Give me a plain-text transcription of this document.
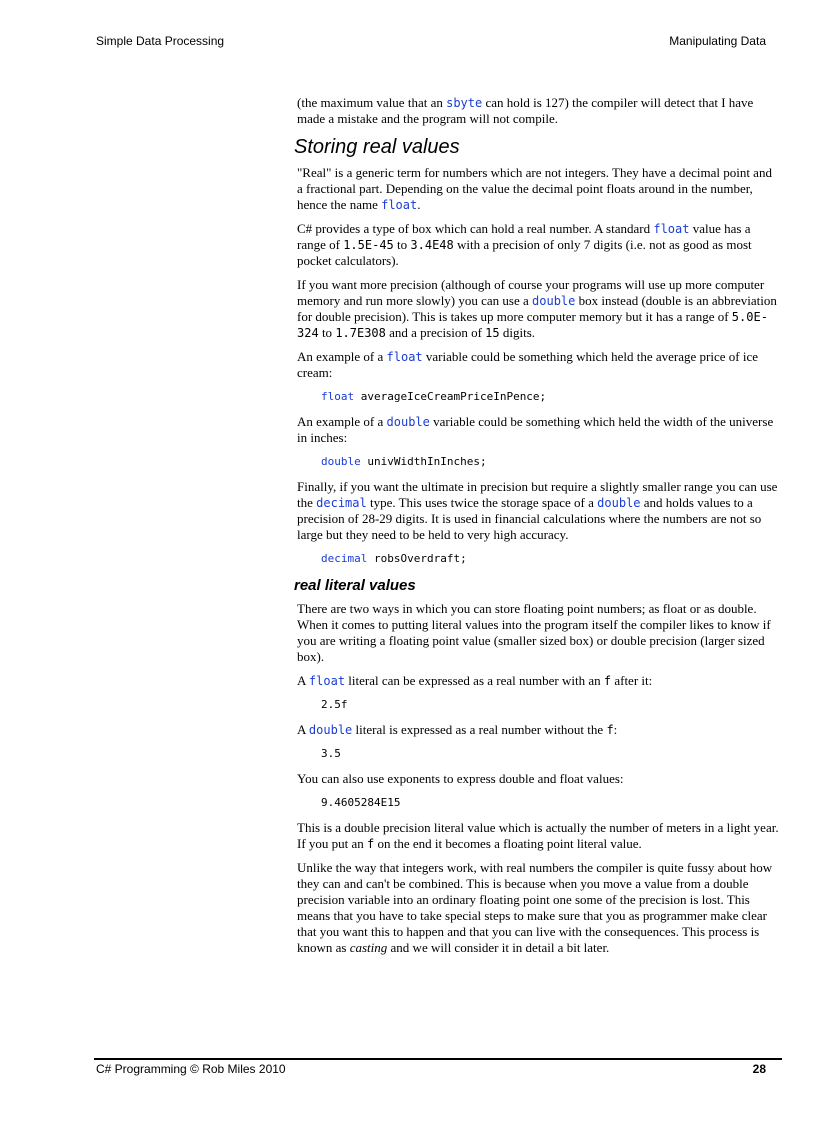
Simple Data Processing	Manipulating Data

(the maximum value that an sbyte can hold is 127) the compiler will detect that I have made a mistake and the program will not compile.

Storing real values

"Real" is a generic term for numbers which are not integers. They have a decimal point and a fractional part. Depending on the value the decimal point floats around in the number, hence the name float.

C# provides a type of box which can hold a real number. A standard float value has a range of 1.5E-45 to 3.4E48 with a precision of only 7 digits (i.e. not as good as most pocket calculators).

If you want more precision (although of course your programs will use up more computer memory and run more slowly) you can use a double box instead (double is an abbreviation for double precision). This is takes up more computer memory but it has a range of 5.0E-324 to 1.7E308 and a precision of 15 digits.

An example of a float variable could be something which held the average price of ice cream:

float averageIceCreamPriceInPence;

An example of a double variable could be something which held the width of the universe in inches:

double univWidthInInches;

Finally, if you want the ultimate in precision but require a slightly smaller range you can use the decimal type. This uses twice the storage space of a double and holds values to a precision of 28-29 digits. It is used in financial calculations where the numbers are not so large but they need to be held to very high accuracy.

decimal robsOverdraft;
real literal values

There are two ways in which you can store floating point numbers; as float or as double. When it comes to putting literal values into the program itself the compiler likes to know if you are writing a floating point value (smaller sized box) or double precision (larger sized box).

A float literal can be expressed as a real number with an f after it:

2.5f

A double literal is expressed as a real number without the f:

3.5

You can also use exponents to express double and float values:

9.4605284E15

This is a double precision literal value which is actually the number of meters in a light year. If you put an f on the end it becomes a floating point literal value.

Unlike the way that integers work, with real numbers the compiler is quite fussy about how they can and can't be combined. This is because when you move a value from a double precision variable into an ordinary floating point one some of the precision is lost. This means that you have to take special steps to make sure that you as programmer make clear that you want this to happen and that you can live with the consequences. This process is known as casting and we will consider it in detail a bit later.

C# Programming © Rob Miles 2010	28
